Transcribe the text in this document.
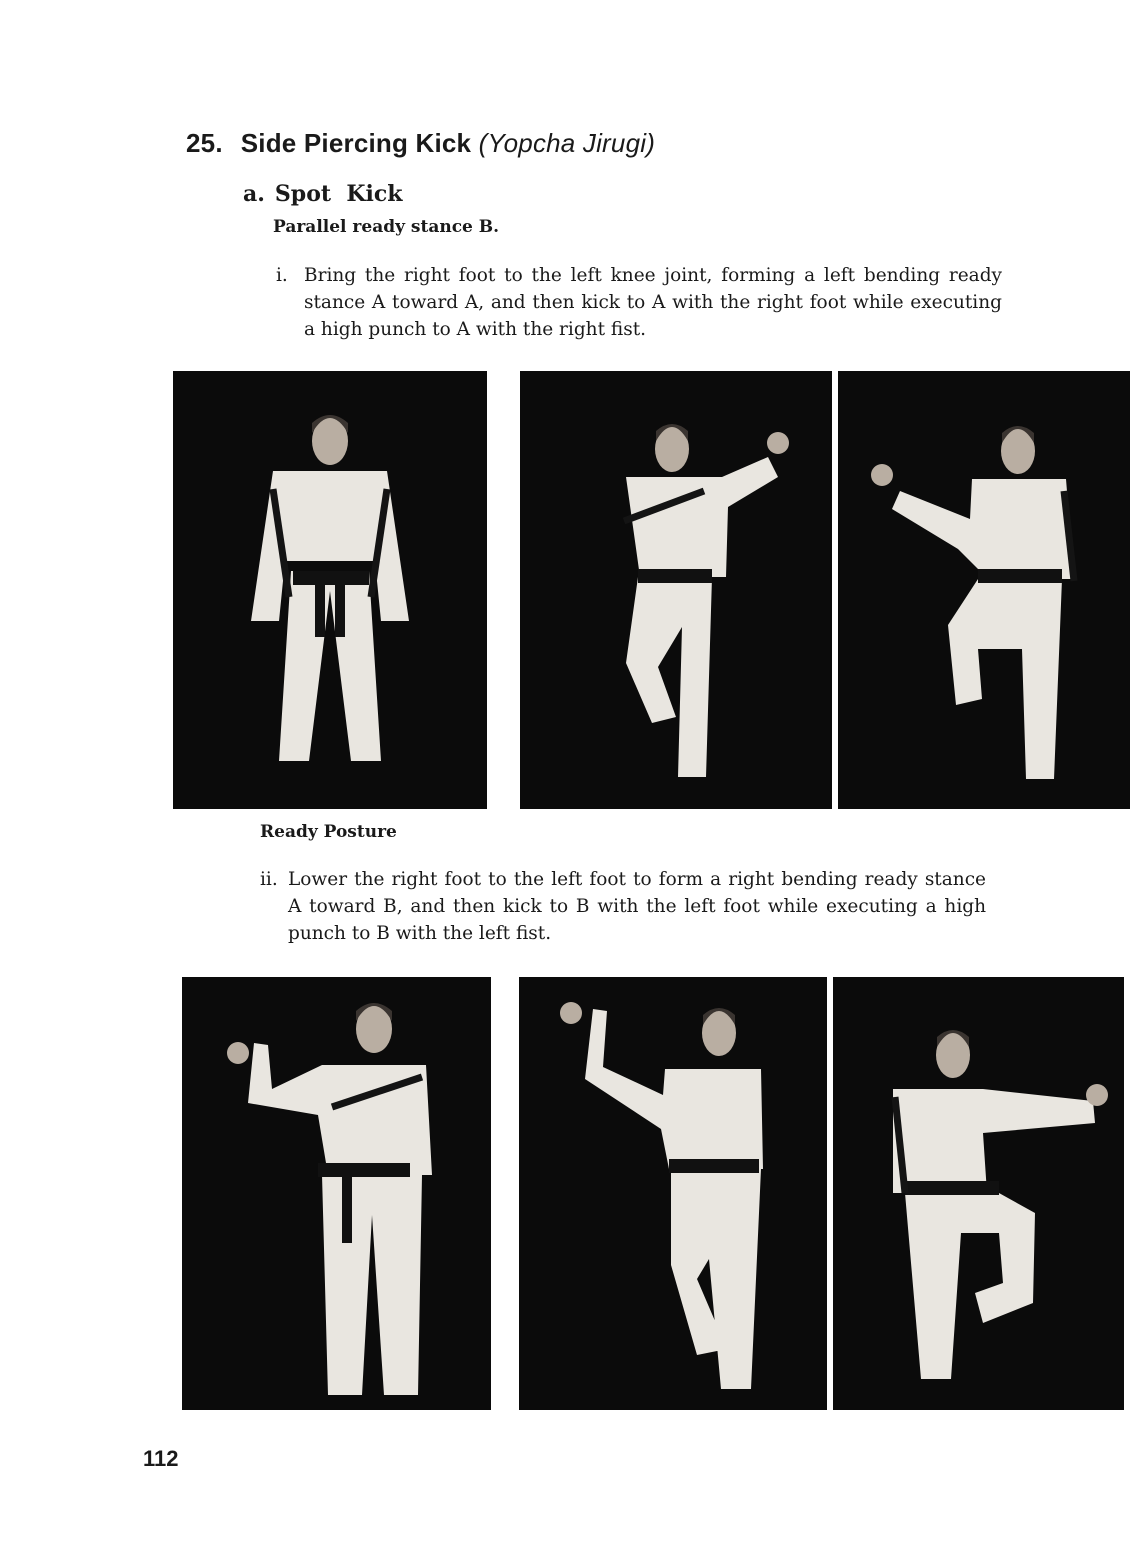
25. Side Piercing Kick (Yopcha Jirugi)
a. Spot  Kick
Parallel ready stance B.
i. Bring the right foot to the left knee joint, forming a left bending ready stance A toward A, and then kick to A with the right foot while executing a high punch to A with the right fist.
Ready Posture
ii. Lower the right foot to the left foot to form a right bending ready stance A toward B, and then kick to B with the left foot while executing a high punch to B with the left fist.
112
